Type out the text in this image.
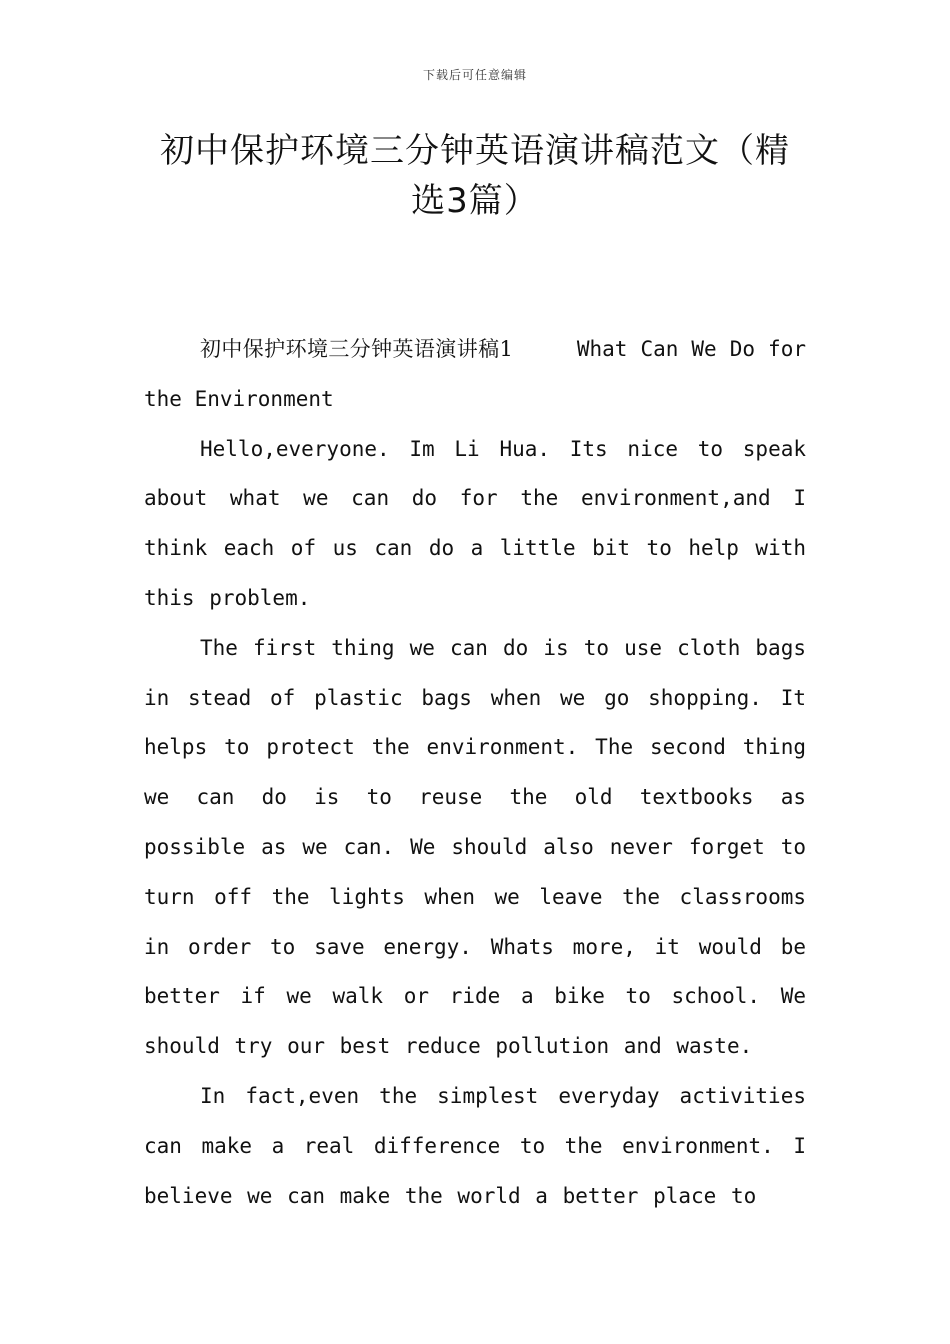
下载后可任意编辑
初中保护环境三分钟英语演讲稿范文（精选3篇）

初中保护环境三分钟英语演讲稿1	What Can We Do for the Environment

Hello,everyone. Im Li Hua. Its nice to speak about what we can do for the environment,and I think each of us can do a little bit to help with this problem.

The first thing we can do is to use cloth bags in stead of plastic bags when we go shopping. It helps to protect the environment. The second thing we can do is to reuse the old textbooks as possible as we can. We should also never forget to turn off the lights when we leave the classrooms in order to save energy. Whats more, it would be better if we walk or ride a bike to school. We should try our best reduce pollution and waste.

In fact,even the simplest everyday activities can make a real difference to the environment. I believe we can make the world a better place to
